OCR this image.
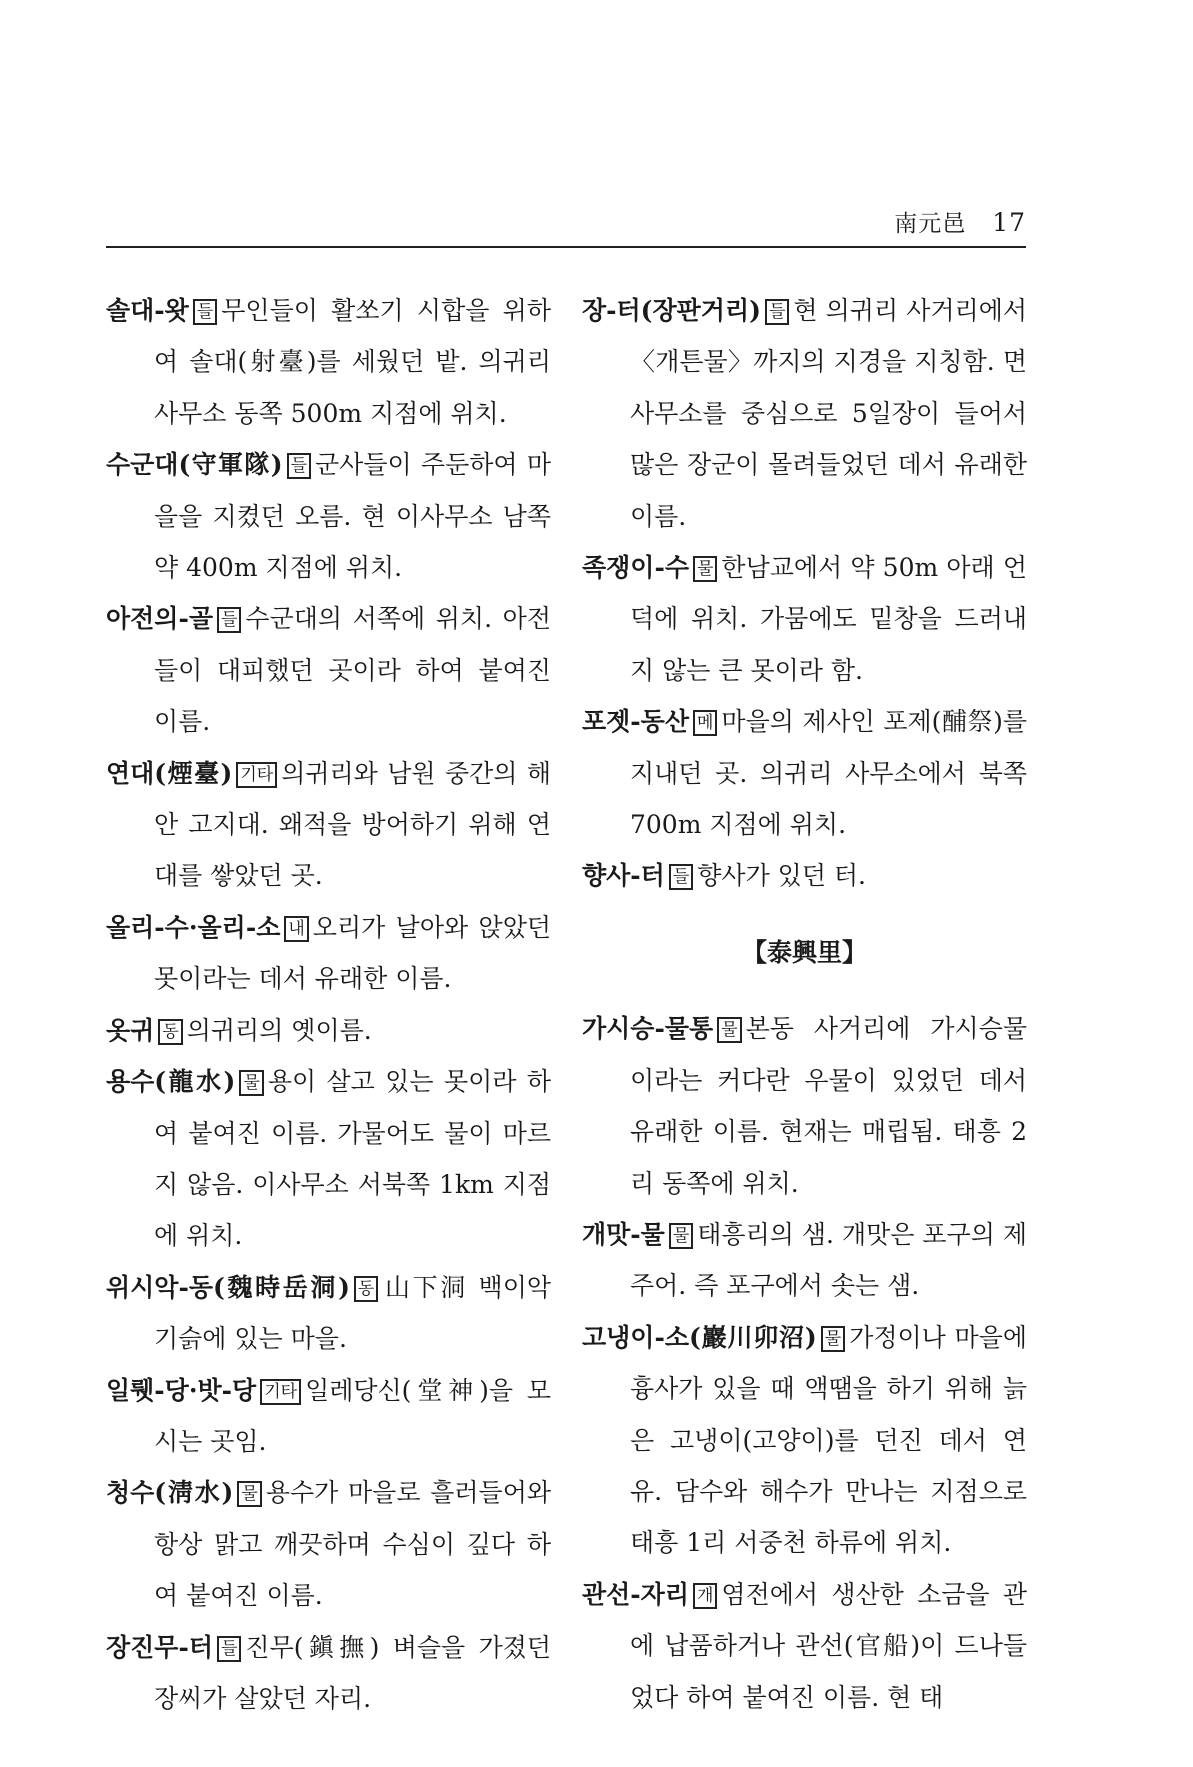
南元邑 17

솔대-왓 들 무인들이 활쏘기 시합을 위하여 솔대(射臺)를 세웠던 밭. 의귀리 사무소 동쪽 500m 지점에 위치.

수군대(守軍隊) 들 군사들이 주둔하여 마을을 지켰던 오름. 현 이사무소 남쪽 약 400m 지점에 위치.

아전의-골 들 수군대의 서쪽에 위치. 아전들이 대피했던 곳이라 하여 붙여진 이름.

연대(煙臺) 기타 의귀리와 남원 중간의 해안 고지대. 왜적을 방어하기 위해 연대를 쌓았던 곳.

올리-수·올리-소 내 오리가 날아와 앉았던 못이라는 데서 유래한 이름.

옷귀 동 의귀리의 옛이름.

용수(龍水) 물 용이 살고 있는 못이라 하여 붙여진 이름. 가물어도 물이 마르지 않음. 이사무소 서북쪽 1km 지점에 위치.

위시악-동(魏時岳洞) 동 山下洞 백이악 기슭에 있는 마을.

일뤳-당·밧-당 기타 일레당신(堂神)을 모시는 곳임.

청수(淸水) 물 용수가 마을로 흘러들어와 항상 맑고 깨끗하며 수심이 깊다 하여 붙여진 이름.

장진무-터 들 진무(鎭撫) 벼슬을 가졌던 장씨가 살았던 자리.

장-터(장판거리) 들 현 의귀리 사거리에서 〈개튼물〉까지의 지경을 지칭함. 면사무소를 중심으로 5일장이 들어서 많은 장군이 몰려들었던 데서 유래한 이름.

족쟁이-수 물 한남교에서 약 50m 아래 언덕에 위치. 가뭄에도 밑창을 드러내지 않는 큰 못이라 함.

포젯-동산 메 마을의 제사인 포제(酺祭)를 지내던 곳. 의귀리 사무소에서 북쪽 700m 지점에 위치.

향사-터 들 향사가 있던 터.

【泰興里】

가시승-물통 물 본동 사거리에 가시승물이라는 커다란 우물이 있었던 데서 유래한 이름. 현재는 매립됨. 태흥 2리 동쪽에 위치.

개맛-물 물 태흥리의 샘. 개맛은 포구의 제주어. 즉 포구에서 솟는 샘.

고냉이-소(巖川卯沼) 물 가정이나 마을에 흉사가 있을 때 액땜을 하기 위해 늙은 고냉이(고양이)를 던진 데서 연유. 담수와 해수가 만나는 지점으로 태흥 1리 서중천 하류에 위치.

관선-자리 개 염전에서 생산한 소금을 관에 납품하거나 관선(官船)이 드나들었다 하여 붙여진 이름. 현 태
